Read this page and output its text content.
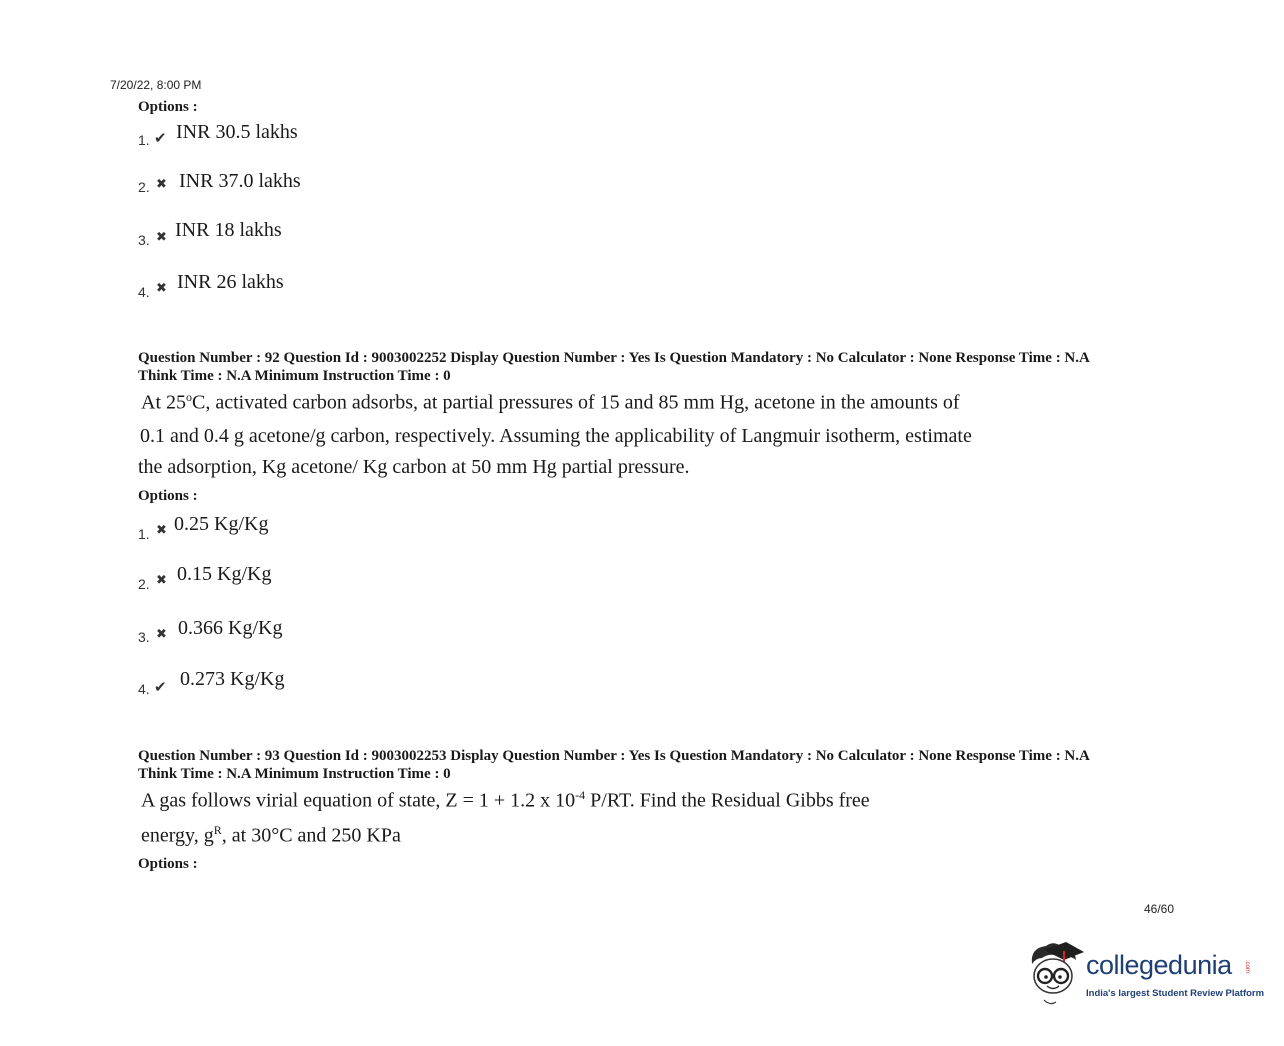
7/20/22, 8:00 PM
Options :
1. ✔ INR 30.5 lakhs
2. ✖ INR 37.0 lakhs
3. ✖ INR 18 lakhs
4. ✖ INR 26 lakhs
Question Number : 92 Question Id : 9003002252 Display Question Number : Yes Is Question Mandatory : No Calculator : None Response Time : N.A
Think Time : N.A Minimum Instruction Time : 0
At 25$^o$C, activated carbon adsorbs, at partial pressures of 15 and 85 mm Hg, acetone in the amounts of
0.1 and 0.4 g acetone/g carbon, respectively. Assuming the applicability of Langmuir isotherm, estimate
the adsorption, Kg acetone/ Kg carbon at 50 mm Hg partial pressure.
Options :
1. ✖ 0.25 Kg/Kg
2. ✖ 0.15 Kg/Kg
3. ✖ 0.366 Kg/Kg
4. ✔ 0.273 Kg/Kg
Question Number : 93 Question Id : 9003002253 Display Question Number : Yes Is Question Mandatory : No Calculator : None Response Time : N.A
Think Time : N.A Minimum Instruction Time : 0
A gas follows virial equation of state, Z = 1 + 1.2 x $10^{-4}$ P/RT. Find the Residual Gibbs free
energy, $g^R$, at 30°C and 250 KPa
Options :
46/60
collegedunia .com
India's largest Student Review Platform
